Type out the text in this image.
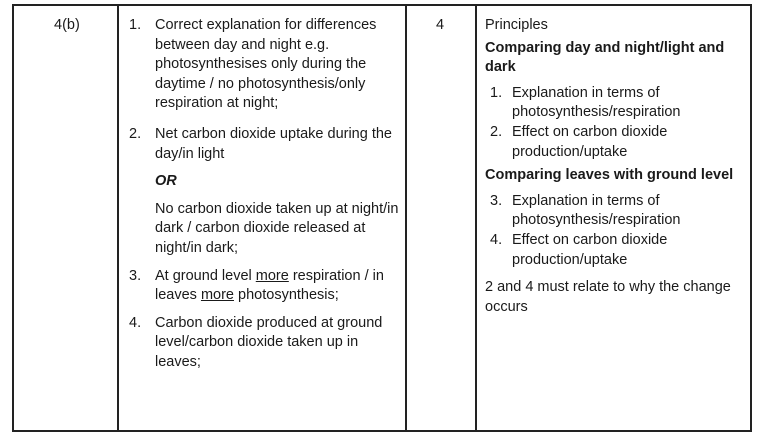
4(b)	1. Correct explanation for differences between day and night e.g. photosynthesises only during the daytime / no photosynthesis/only respiration at night;
2. Net carbon dioxide uptake during the day/in light
OR
No carbon dioxide taken up at night/in dark / carbon dioxide released at night/in dark;
3. At ground level more respiration / in leaves more photosynthesis;
4. Carbon dioxide produced at ground level/carbon dioxide taken up in leaves;
4	Principles
Comparing day and night/light and dark
1. Explanation in terms of photosynthesis/respiration
2. Effect on carbon dioxide production/uptake
Comparing leaves with ground level
3. Explanation in terms of photosynthesis/respiration
4. Effect on carbon dioxide production/uptake
2 and 4 must relate to why the change occurs
